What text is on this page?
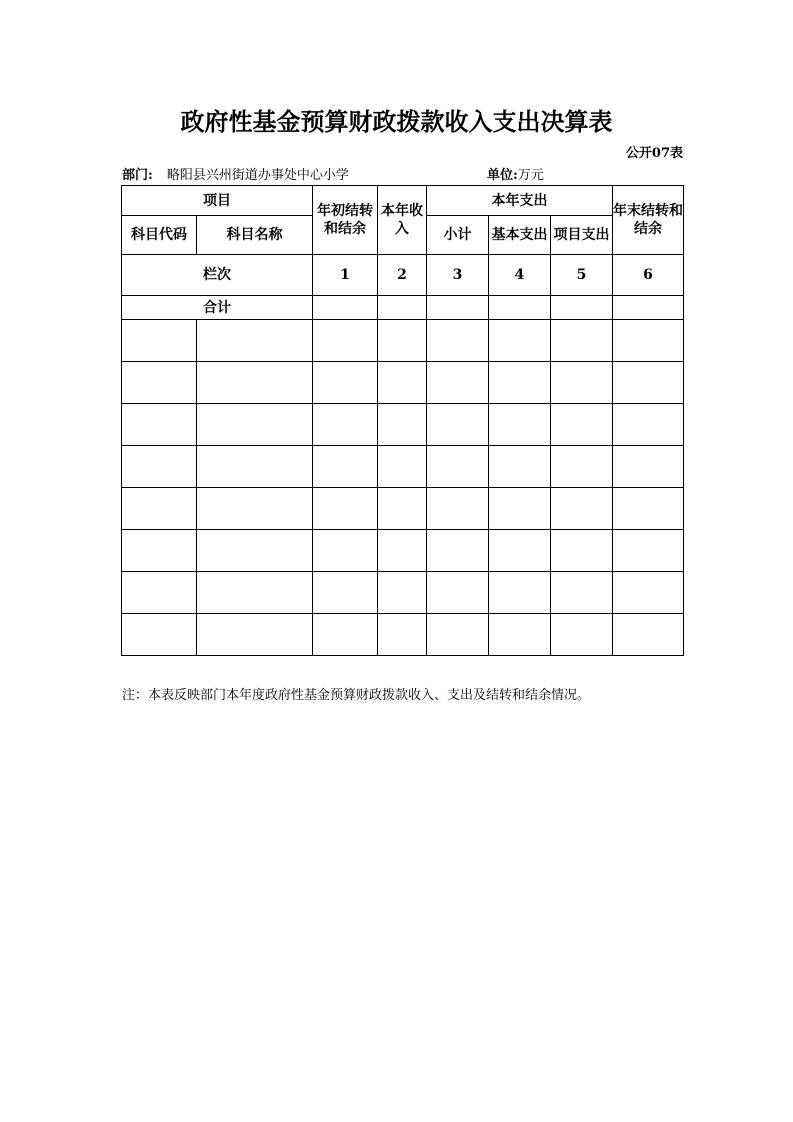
政府性基金预算财政拨款收入支出决算表
公开07表
部门: 略阳县兴州街道办事处中心小学	单位:万元
项目		年初结转和结余	本年收入	本年支出			年末结转和结余
科目代码	科目名称			小计	基本支出	项目支出	
栏次		1	2	3	4	5	6
合计							

注：本表反映部门本年度政府性基金预算财政拨款收入、支出及结转和结余情况。
